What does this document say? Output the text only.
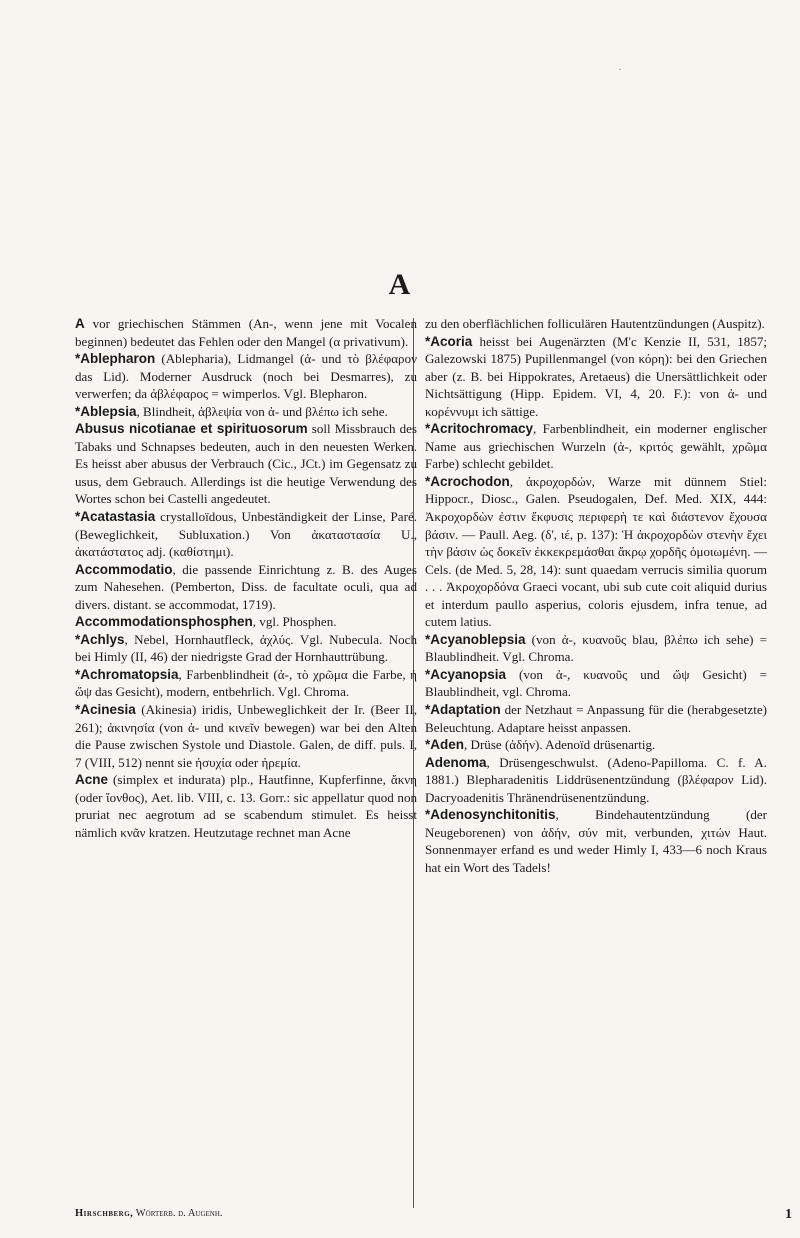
·
A

A vor griechischen Stämmen (An-, wenn jene mit Vocalen beginnen) bedeutet das Fehlen oder den Mangel (α privativum).

*Ablepharon (Ablepharia), Lidmangel (ἀ- und τὸ βλέφαρον das Lid). Moderner Ausdruck (noch bei Desmarres), zu verwerfen; da ἀβλέφαρος = wimperlos. Vgl. Blepharon.

*Ablepsia, Blindheit, ἀβλεψία von ἀ- und βλέπω ich sehe.

Abusus nicotianae et spirituosorum soll Missbrauch des Tabaks und Schnapses bedeuten, auch in den neuesten Werken. Es heisst aber abusus der Verbrauch (Cic., JCt.) im Gegensatz zu usus, dem Gebrauch. Allerdings ist die heutige Verwendung des Wortes schon bei Castelli angedeutet.

*Acatastasia crystalloïdous, Unbeständigkeit der Linse, Paré. (Beweglichkeit, Subluxation.) Von ἀκαταστασία U., ἀκατάστατος adj. (καθίστημι).

Accommodatio, die passende Einrichtung z. B. des Auges zum Nahesehen. (Pemberton, Diss. de facultate oculi, qua ad divers. distant. se accommodat, 1719).

Accommodationsphosphen, vgl. Phosphen.

*Achlys, Nebel, Hornhautfleck, ἀχλύς. Vgl. Nubecula. Noch bei Himly (II, 46) der niedrigste Grad der Hornhauttrübung.

*Achromatopsia, Farbenblindheit (ἀ-, τὸ χρῶμα die Farbe, ἡ ὤψ das Gesicht), modern, entbehrlich. Vgl. Chroma.

*Acinesia (Akinesia) iridis, Unbeweglichkeit der Ir. (Beer II, 261); ἀκινησία (von ἀ- und κινεῖν bewegen) war bei den Alten die Pause zwischen Systole und Diastole. Galen, de diff. puls. I, 7 (VIII, 512) nennt sie ἡσυχία oder ἠρεμία.

Acne (simplex et indurata) plp., Hautfinne, Kupferfinne, ἄκνη (oder ἴονθος), Aet. lib. VIII, c. 13. Gorr.: sic appellatur quod non pruriat nec aegrotum ad se scabendum stimulet. Es heisst nämlich κνᾶν kratzen. Heutzutage rechnet man Acne

zu den oberflächlichen folliculären Hautentzündungen (Auspitz).

*Acoria heisst bei Augenärzten (M'c Kenzie II, 531, 1857; Galezowski 1875) Pupillenmangel (von κόρη): bei den Griechen aber (z. B. bei Hippokrates, Aretaeus) die Unersättlichkeit oder Nichtsättigung (Hipp. Epidem. VI, 4, 20. F.): von ἀ- und κορέννυμι ich sättige.

*Acritochromacy, Farbenblindheit, ein moderner englischer Name aus griechischen Wurzeln (ἀ-, κριτός gewählt, χρῶμα Farbe) schlecht gebildet.

*Acrochodon, ἀκροχορδών, Warze mit dünnem Stiel: Hippocr., Diosc., Galen. Pseudogalen, Def. Med. XIX, 444: Ἀκροχορδὼν ἐστιν ἔκφυσις περιφερὴ τε καὶ διάστενον ἔχουσα βάσιν. — Paull. Aeg. (δ', ιέ, p. 137): Ἡ ἀκροχορδὼν στενὴν ἔχει τὴν βάσιν ὡς δοκεῖν ἐκκεκρεμάσθαι ἄκρῳ χορδῆς ὁμοιωμένη. — Cels. (de Med. 5, 28, 14): sunt quaedam verrucis similia quorum . . . Ἀκροχορδόνα Graeci vocant, ubi sub cute coit aliquid durius et interdum paullo asperius, coloris ejusdem, infra tenue, ad cutem latius.

*Acyanoblepsia (von ἀ-, κυανοῦς blau, βλέπω ich sehe) = Blaublindheit. Vgl. Chroma.

*Acyanopsia (von ἀ-, κυανοῦς und ὤψ Gesicht) = Blaublindheit, vgl. Chroma.

*Adaptation der Netzhaut = Anpassung für die (herabgesetzte) Beleuchtung. Adaptare heisst anpassen.

*Aden, Drüse (ἀδήν). Adenoïd drüsenartig.

Adenoma, Drüsengeschwulst. (Adeno-Papilloma. C. f. A. 1881.) Blepharadenitis Liddrüsenentzündung (βλέφαρον Lid). Dacryoadenitis Thränendrüsenentzündung.

*Adenosynchitonitis, Bindehautentzündung (der Neugeborenen) von ἀδήν, σύν mit, verbunden, χιτών Haut. Sonnenmayer erfand es und weder Himly I, 433—6 noch Kraus hat ein Wort des Tadels!

Hirschberg, Wörterb. d. Augenh.	1
